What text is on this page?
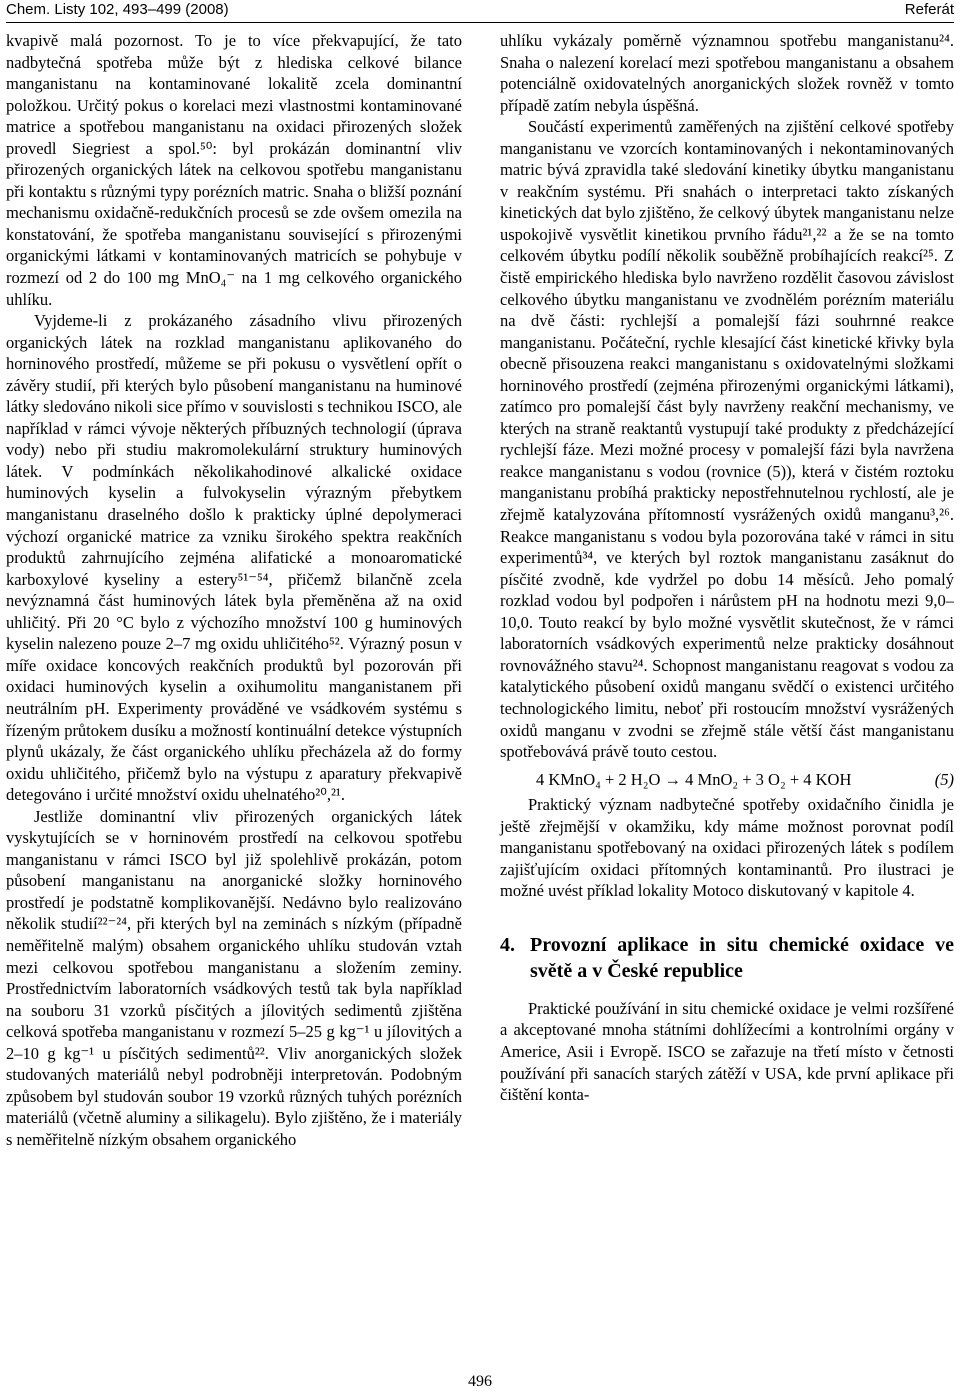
Chem. Listy 102, 493–499 (2008)	Referát

kvapivě malá pozornost. To je to více překvapující, že tato nadbytečná spotřeba může být z hlediska celkové bilance manganistanu na kontaminované lokalitě zcela dominantní položkou. Určitý pokus o korelaci mezi vlastnostmi kontaminované matrice a spotřebou manganistanu na oxidaci přirozených složek provedl Siegriest a spol.⁵⁰: byl prokázán dominantní vliv přirozených organických látek na celkovou spotřebu manganistanu při kontaktu s různými typy porézních matric. Snaha o bližší poznání mechanismu oxidačně-redukčních procesů se zde ovšem omezila na konstatování, že spotřeba manganistanu související s přirozenými organickými látkami v kontaminovaných matricích se pohybuje v rozmezí od 2 do 100 mg MnO₄⁻ na 1 mg celkového organického uhlíku.

Vyjdeme-li z prokázaného zásadního vlivu přirozených organických látek na rozklad manganistanu aplikovaného do horninového prostředí, můžeme se při pokusu o vysvětlení opřít o závěry studií, při kterých bylo působení manganistanu na huminové látky sledováno nikoli sice přímo v souvislosti s technikou ISCO, ale například v rámci vývoje některých příbuzných technologií (úprava vody) nebo při studiu makromolekulární struktury huminových látek. V podmínkách několikahodinové alkalické oxidace huminových kyselin a fulvokyselin výrazným přebytkem manganistanu draselného došlo k prakticky úplné depolymeraci výchozí organické matrice za vzniku širokého spektra reakčních produktů zahrnujícího zejména alifatické a monoaromatické karboxylové kyseliny a estery⁵¹⁻⁵⁴, přičemž bilančně zcela nevýznamná část huminových látek byla přeměněna až na oxid uhličitý. Při 20 °C bylo z výchozího množství 100 g huminových kyselin nalezeno pouze 2–7 mg oxidu uhličitého⁵². Výrazný posun v míře oxidace koncových reakčních produktů byl pozorován při oxidaci huminových kyselin a oxihumolitu manganistanem při neutrálním pH. Experimenty prováděné ve vsádkovém systému s řízeným průtokem dusíku a možností kontinuální detekce výstupních plynů ukázaly, že část organického uhlíku přecházela až do formy oxidu uhličitého, přičemž bylo na výstupu z aparatury překvapivě detegováno i určité množství oxidu uhelnatého²⁰,²¹.

Jestliže dominantní vliv přirozených organických látek vyskytujících se v horninovém prostředí na celkovou spotřebu manganistanu v rámci ISCO byl již spolehlivě prokázán, potom působení manganistanu na anorganické složky horninového prostředí je podstatně komplikovanější. Nedávno bylo realizováno několik studií²²⁻²⁴, při kterých byl na zeminách s nízkým (případně neměřitelně malým) obsahem organického uhlíku studován vztah mezi celkovou spotřebou manganistanu a složením zeminy. Prostřednictvím laboratorních vsádkových testů tak byla například na souboru 31 vzorků písčitých a jílovitých sedimentů zjištěna celková spotřeba manganistanu v rozmezí 5–25 g kg⁻¹ u jílovitých a 2–10 g kg⁻¹ u písčitých sedimentů²². Vliv anorganických složek studovaných materiálů nebyl podrobněji interpretován. Podobným způsobem byl studován soubor 19 vzorků různých tuhých porézních materiálů (včetně aluminy a silikagelu). Bylo zjištěno, že i materiály s neměřitelně nízkým obsahem organického

uhlíku vykázaly poměrně významnou spotřebu manganistanu²⁴. Snaha o nalezení korelací mezi spotřebou manganistanu a obsahem potenciálně oxidovatelných anorganických složek rovněž v tomto případě zatím nebyla úspěšná.

Součástí experimentů zaměřených na zjištění celkové spotřeby manganistanu ve vzorcích kontaminovaných i nekontaminovaných matric bývá zpravidla také sledování kinetiky úbytku manganistanu v reakčním systému. Při snahách o interpretaci takto získaných kinetických dat bylo zjištěno, že celkový úbytek manganistanu nelze uspokojivě vysvětlit kinetikou prvního řádu²¹,²² a že se na tomto celkovém úbytku podílí několik souběžně probíhajících reakcí²⁵. Z čistě empirického hlediska bylo navrženo rozdělit časovou závislost celkového úbytku manganistanu ve zvodnělém porézním materiálu na dvě části: rychlejší a pomalejší fázi souhrnné reakce manganistanu. Počáteční, rychle klesající část kinetické křivky byla obecně přisouzena reakci manganistanu s oxidovatelnými složkami horninového prostředí (zejména přirozenými organickými látkami), zatímco pro pomalejší část byly navrženy reakční mechanismy, ve kterých na straně reaktantů vystupují také produkty z předcházející rychlejší fáze. Mezi možné procesy v pomalejší fázi byla navržena reakce manganistanu s vodou (rovnice (5)), která v čistém roztoku manganistanu probíhá prakticky nepostřehnutelnou rychlostí, ale je zřejmě katalyzována přítomností vysrážených oxidů manganu³,²⁶. Reakce manganistanu s vodou byla pozorována také v rámci in situ experimentů³⁴, ve kterých byl roztok manganistanu zasáknut do písčité zvodně, kde vydržel po dobu 14 měsíců. Jeho pomalý rozklad vodou byl podpořen i nárůstem pH na hodnotu mezi 9,0–10,0. Touto reakcí by bylo možné vysvětlit skutečnost, že v rámci laboratorních vsádkových experimentů nelze prakticky dosáhnout rovnovážného stavu²⁴. Schopnost manganistanu reagovat s vodou za katalytického působení oxidů manganu svědčí o existenci určitého technologického limitu, neboť při rostoucím množství vysrážených oxidů manganu v zvodni se zřejmě stále větší část manganistanu spotřebovává právě touto cestou.

4 KMnO₄ + 2 H₂O → 4 MnO₂ + 3 O₂ + 4 KOH	(5)

Praktický význam nadbytečné spotřeby oxidačního činidla je ještě zřejmější v okamžiku, kdy máme možnost porovnat podíl manganistanu spotřebovaný na oxidaci přirozených látek s podílem zajišťujícím oxidaci přítomných kontaminantů. Pro ilustraci je možné uvést příklad lokality Motoco diskutovaný v kapitole 4.

4. Provozní aplikace in situ chemické oxidace ve světě a v České republice

Praktické používání in situ chemické oxidace je velmi rozšířené a akceptované mnoha státními dohlížecími a kontrolními orgány v Americe, Asii i Evropě. ISCO se zařazuje na třetí místo v četnosti používání při sanacích starých zátěží v USA, kde první aplikace při čištění konta-

496
